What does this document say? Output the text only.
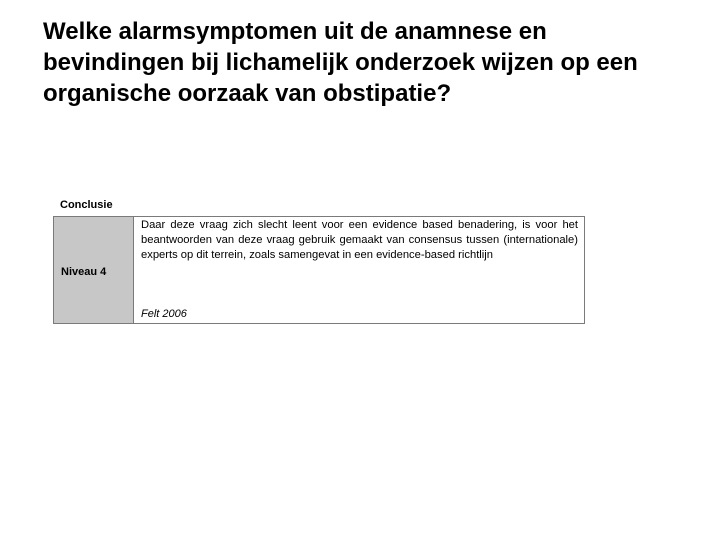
Welke alarmsymptomen uit de anamnese en bevindingen bij lichamelijk onderzoek wijzen op een organische oorzaak van obstipatie?
Conclusie
Niveau 4

Daar deze vraag zich slecht leent voor een evidence based benadering, is voor het beantwoorden van deze vraag gebruik gemaakt van consensus tussen (internationale) experts op dit terrein, zoals samengevat in een evidence-based richtlijn

Felt 2006
